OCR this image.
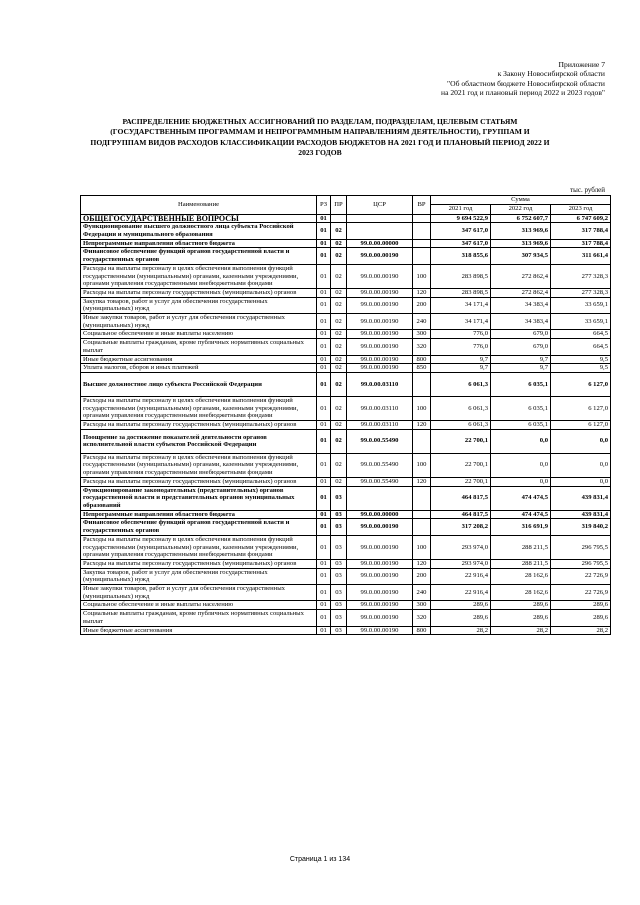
Приложение 7
к Закону Новосибирской области
"Об областном бюджете Новосибирской области
на 2021 год и плановый период 2022 и 2023 годов"
РАСПРЕДЕЛЕНИЕ БЮДЖЕТНЫХ АССИГНОВАНИЙ ПО РАЗДЕЛАМ, ПОДРАЗДЕЛАМ, ЦЕЛЕВЫМ СТАТЬЯМ (ГОСУДАРСТВЕННЫМ ПРОГРАММАМ И НЕПРОГРАММНЫМ НАПРАВЛЕНИЯМ ДЕЯТЕЛЬНОСТИ), ГРУППАМ И ПОДГРУППАМ ВИДОВ РАСХОДОВ КЛАССИФИКАЦИИ РАСХОДОВ БЮДЖЕТОВ НА 2021 ГОД И ПЛАНОВЫЙ ПЕРИОД 2022 И 2023 ГОДОВ
тыс. рублей
Наименование	РЗ	ПР	ЦСР	ВР	Сумма		
					2021 год	2022 год	2023 год
ОБЩЕГОСУДАРСТВЕННЫЕ ВОПРОСЫ	01				9 694 522,9	6 752 607,7	6 747 609,2
Функционирование высшего должностного лица субъекта Российской Федерации и муниципального образования	01	02			347 617,0	313 969,6	317 788,4
Непрограммные направления областного бюджета	01	02	99.0.00.00000		347 617,0	313 969,6	317 788,4
Финансовое обеспечение функций органов государственной власти и государственных органов	01	02	99.0.00.00190		318 855,6	307 934,5	311 661,4
Расходы на выплаты персоналу в целях обеспечения выполнения функций государственными (муниципальными) органами, казенными учреждениями, органами управления государственными внебюджетными фондами	01	02	99.0.00.00190	100	283 898,5	272 862,4	277 328,3
Расходы на выплаты персоналу государственных (муниципальных) органов	01	02	99.0.00.00190	120	283 898,5	272 862,4	277 328,3
Закупка товаров, работ и услуг для обеспечения государственных (муниципальных) нужд	01	02	99.0.00.00190	200	34 171,4	34 383,4	33 659,1
Иные закупки товаров, работ и услуг для обеспечения государственных (муниципальных) нужд	01	02	99.0.00.00190	240	34 171,4	34 383,4	33 659,1
Социальное обеспечение и иные выплаты населению	01	02	99.0.00.00190	300	776,0	679,0	664,5
Социальные выплаты гражданам, кроме публичных нормативных социальных выплат	01	02	99.0.00.00190	320	776,0	679,0	664,5
Иные бюджетные ассигнования	01	02	99.0.00.00190	800	9,7	9,7	9,5
Уплата налогов, сборов и иных платежей	01	02	99.0.00.00190	850	9,7	9,7	9,5
Высшее должностное лицо субъекта Российской Федерации	01	02	99.0.00.03110		6 061,3	6 035,1	6 127,0
Расходы на выплаты персоналу в целях обеспечения выполнения функций государственными (муниципальными) органами, казенными учреждениями, органами управления государственными внебюджетными фондами	01	02	99.0.00.03110	100	6 061,3	6 035,1	6 127,0
Расходы на выплаты персоналу государственных (муниципальных) органов	01	02	99.0.00.03110	120	6 061,3	6 035,1	6 127,0
Поощрение за достижение показателей деятельности органов исполнительной власти субъектов Российской Федерации	01	02	99.0.00.55490		22 700,1	0,0	0,0
Расходы на выплаты персоналу в целях обеспечения выполнения функций государственными (муниципальными) органами, казенными учреждениями, органами управления государственными внебюджетными фондами	01	02	99.0.00.55490	100	22 700,1	0,0	0,0
Расходы на выплаты персоналу государственных (муниципальных) органов	01	02	99.0.00.55490	120	22 700,1	0,0	0,0
Функционирование законодательных (представительных) органов государственной власти и представительных органов муниципальных образований	01	03			464 817,5	474 474,5	439 831,4
Непрограммные направления областного бюджета	01	03	99.0.00.00000		464 817,5	474 474,5	439 831,4
Финансовое обеспечение функций органов государственной власти и государственных органов	01	03	99.0.00.00190		317 208,2	316 691,9	319 840,2
Расходы на выплаты персоналу в целях обеспечения выполнения функций государственными (муниципальными) органами, казенными учреждениями, органами управления государственными внебюджетными фондами	01	03	99.0.00.00190	100	293 974,0	288 211,5	296 795,5
Расходы на выплаты персоналу государственных (муниципальных) органов	01	03	99.0.00.00190	120	293 974,0	288 211,5	296 795,5
Закупка товаров, работ и услуг для обеспечения государственных (муниципальных) нужд	01	03	99.0.00.00190	200	22 916,4	28 162,6	22 726,9
Иные закупки товаров, работ и услуг для обеспечения государственных (муниципальных) нужд	01	03	99.0.00.00190	240	22 916,4	28 162,6	22 726,9
Социальное обеспечение и иные выплаты населению	01	03	99.0.00.00190	300	289,6	289,6	289,6
Социальные выплаты гражданам, кроме публичных нормативных социальных выплат	01	03	99.0.00.00190	320	289,6	289,6	289,6
Иные бюджетные ассигнования	01	03	99.0.00.00190	800	28,2	28,2	28,2
Страница 1 из 134
